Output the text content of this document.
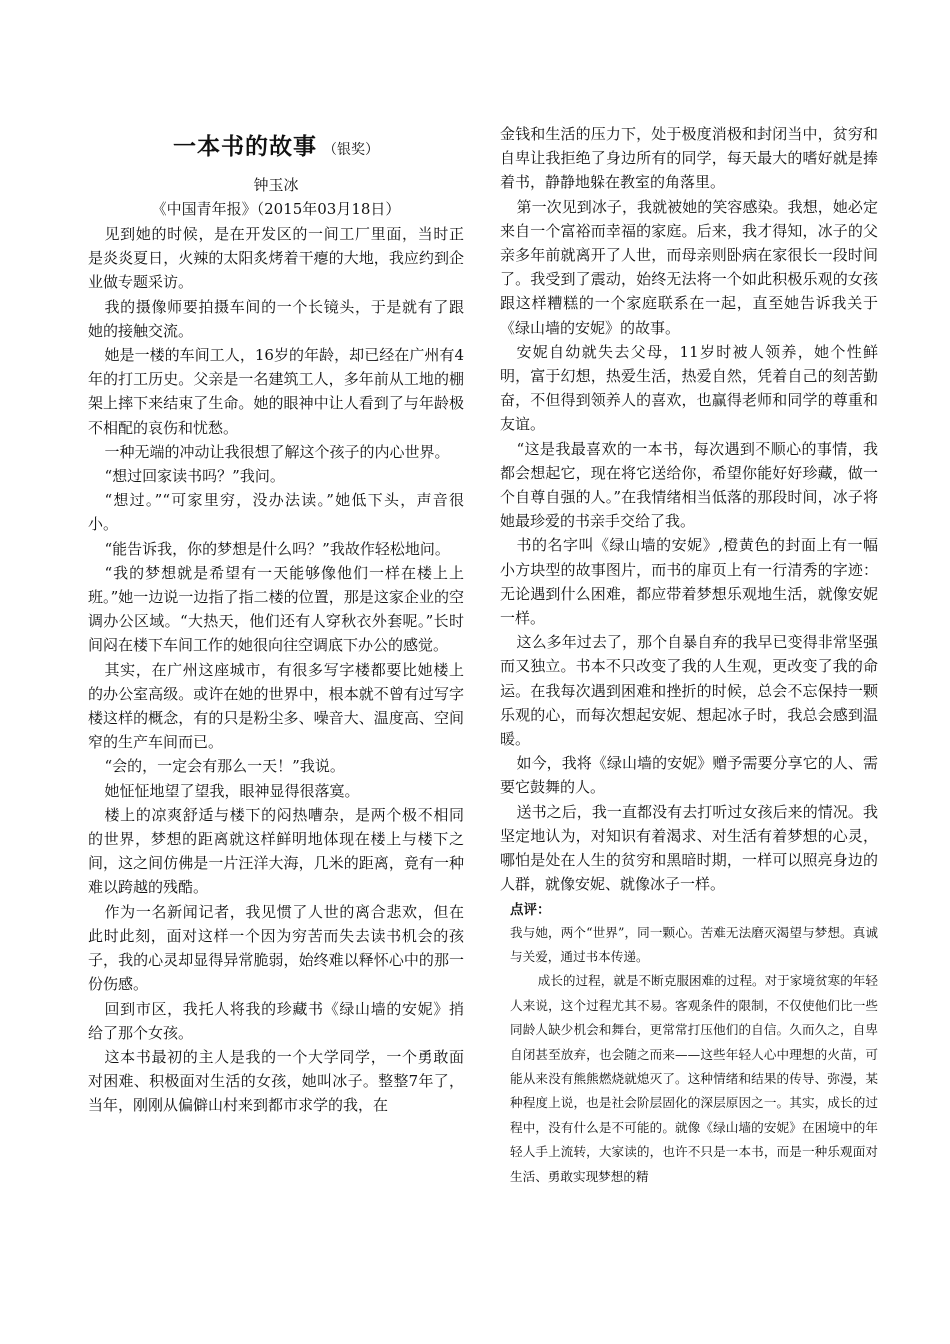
一本书的故事 （银奖）
钟玉冰
《中国青年报》（2015年03月18日）

见到她的时候，是在开发区的一间工厂里面，当时正是炎炎夏日，火辣的太阳炙烤着干瘪的大地，我应约到企业做专题采访。

我的摄像师要拍摄车间的一个长镜头，于是就有了跟她的接触交流。

她是一楼的车间工人，16岁的年龄，却已经在广州有4年的打工历史。父亲是一名建筑工人，多年前从工地的棚架上摔下来结束了生命。她的眼神中让人看到了与年龄极不相配的哀伤和忧愁。

一种无端的冲动让我很想了解这个孩子的内心世界。

“想过回家读书吗？”我问。

“想过。”“可家里穷，没办法读。”她低下头，声音很小。

“能告诉我，你的梦想是什么吗？”我故作轻松地问。

“我的梦想就是希望有一天能够像他们一样在楼上上班。”她一边说一边指了指二楼的位置，那是这家企业的空调办公区域。“大热天，他们还有人穿秋衣外套呢。”长时间闷在楼下车间工作的她很向往空调底下办公的感觉。

其实，在广州这座城市，有很多写字楼都要比她楼上的办公室高级。或许在她的世界中，根本就不曾有过写字楼这样的概念，有的只是粉尘多、噪音大、温度高、空间窄的生产车间而已。

“会的，一定会有那么一天！”我说。

她怔怔地望了望我，眼神显得很落寞。

楼上的凉爽舒适与楼下的闷热嘈杂，是两个极不相同的世界，梦想的距离就这样鲜明地体现在楼上与楼下之间，这之间仿佛是一片汪洋大海，几米的距离，竟有一种难以跨越的残酷。

作为一名新闻记者，我见惯了人世的离合悲欢，但在此时此刻，面对这样一个因为穷苦而失去读书机会的孩子，我的心灵却显得异常脆弱，始终难以释怀心中的那一份伤感。

回到市区，我托人将我的珍藏书《绿山墙的安妮》捎给了那个女孩。

这本书最初的主人是我的一个大学同学，一个勇敢面对困难、积极面对生活的女孩，她叫冰子。整整7年了，当年，刚刚从偏僻山村来到都市求学的我，在

金钱和生活的压力下，处于极度消极和封闭当中，贫穷和自卑让我拒绝了身边所有的同学，每天最大的嗜好就是捧着书，静静地躲在教室的角落里。

第一次见到冰子，我就被她的笑容感染。我想，她必定来自一个富裕而幸福的家庭。后来，我才得知，冰子的父亲多年前就离开了人世，而母亲则卧病在家很长一段时间了。我受到了震动，始终无法将一个如此积极乐观的女孩跟这样糟糕的一个家庭联系在一起，直至她告诉我关于《绿山墙的安妮》的故事。

安妮自幼就失去父母，11岁时被人领养，她个性鲜明，富于幻想，热爱生活，热爱自然，凭着自己的刻苦勤奋，不但得到领养人的喜欢，也赢得老师和同学的尊重和友谊。

“这是我最喜欢的一本书，每次遇到不顺心的事情，我都会想起它，现在将它送给你，希望你能好好珍藏，做一个自尊自强的人。”在我情绪相当低落的那段时间，冰子将她最珍爱的书亲手交给了我。

书的名字叫《绿山墙的安妮》,橙黄色的封面上有一幅小方块型的故事图片，而书的扉页上有一行清秀的字迹：无论遇到什么困难，都应带着梦想乐观地生活，就像安妮一样。

这么多年过去了，那个自暴自弃的我早已变得非常坚强而又独立。书本不只改变了我的人生观，更改变了我的命运。在我每次遇到困难和挫折的时候，总会不忘保持一颗乐观的心，而每次想起安妮、想起冰子时，我总会感到温暖。

如今，我将《绿山墙的安妮》赠予需要分享它的人、需要它鼓舞的人。

送书之后，我一直都没有去打听过女孩后来的情况。我坚定地认为，对知识有着渴求、对生活有着梦想的心灵，哪怕是处在人生的贫穷和黑暗时期，一样可以照亮身边的人群，就像安妮、就像冰子一样。

点评：

我与她，两个“世界”，同一颗心。苦难无法磨灭渴望与梦想。真诚与关爱，通过书本传递。

成长的过程，就是不断克服困难的过程。对于家境贫寒的年轻人来说，这个过程尤其不易。客观条件的限制，不仅使他们比一些同龄人缺少机会和舞台，更常常打压他们的自信。久而久之，自卑自闭甚至放弃，也会随之而来——这些年轻人心中理想的火苗，可能从来没有熊熊燃烧就熄灭了。这种情绪和结果的传导、弥漫，某种程度上说，也是社会阶层固化的深层原因之一。其实，成长的过程中，没有什么是不可能的。就像《绿山墙的安妮》在困境中的年轻人手上流转，大家读的，也许不只是一本书，而是一种乐观面对生活、勇敢实现梦想的精
